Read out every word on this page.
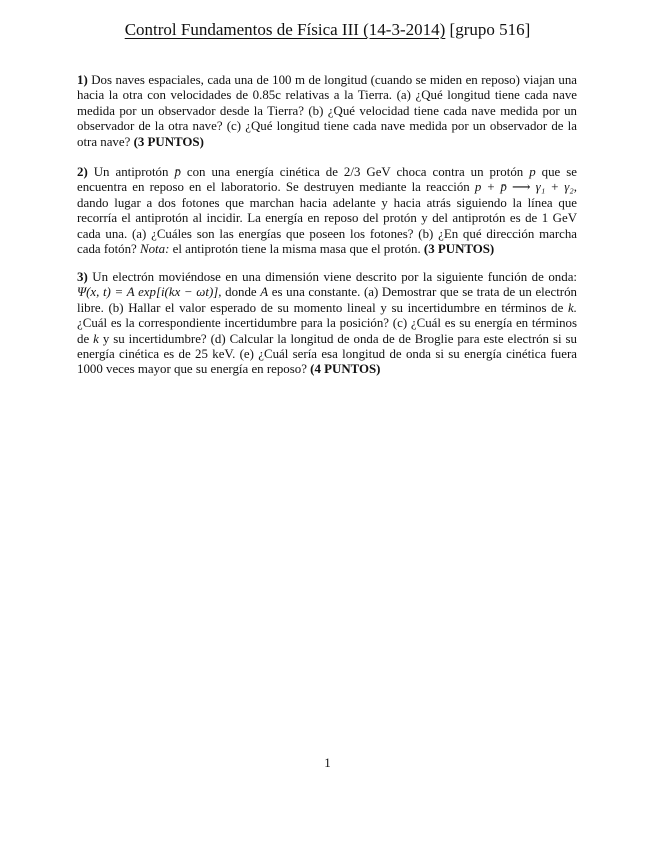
Control Fundamentos de Física III (14-3-2014) [grupo 516]
1) Dos naves espaciales, cada una de 100 m de longitud (cuando se miden en reposo) viajan una hacia la otra con velocidades de 0.85c relativas a la Tierra. (a) ¿Qué longitud tiene cada nave medida por un observador desde la Tierra? (b) ¿Qué velocidad tiene cada nave medida por un observador de la otra nave? (c) ¿Qué longitud tiene cada nave medida por un observador de la otra nave? (3 PUNTOS)
2) Un antiprotón p̄ con una energía cinética de 2/3 GeV choca contra un protón p que se encuentra en reposo en el laboratorio. Se destruyen mediante la reacción p + p̄ ⟶ γ₁ + γ₂, dando lugar a dos fotones que marchan hacia adelante y hacia atrás siguiendo la línea que recorría el antiprotón al incidir. La energía en reposo del protón y del antiprotón es de 1 GeV cada una. (a) ¿Cuáles son las energías que poseen los fotones? (b) ¿En qué dirección marcha cada fotón? Nota: el antiprotón tiene la misma masa que el protón. (3 PUNTOS)
3) Un electrón moviéndose en una dimensión viene descrito por la siguiente función de onda: Ψ(x, t) = A exp[i(kx − ωt)], donde A es una constante. (a) Demostrar que se trata de un electrón libre. (b) Hallar el valor esperado de su momento lineal y su incertidumbre en términos de k. ¿Cuál es la correspondiente incertidumbre para la posición? (c) ¿Cuál es su energía en términos de k y su incertidumbre? (d) Calcular la longitud de onda de de Broglie para este electrón si su energía cinética es de 25 keV. (e) ¿Cuál sería esa longitud de onda si su energía cinética fuera 1000 veces mayor que su energía en reposo? (4 PUNTOS)
1
